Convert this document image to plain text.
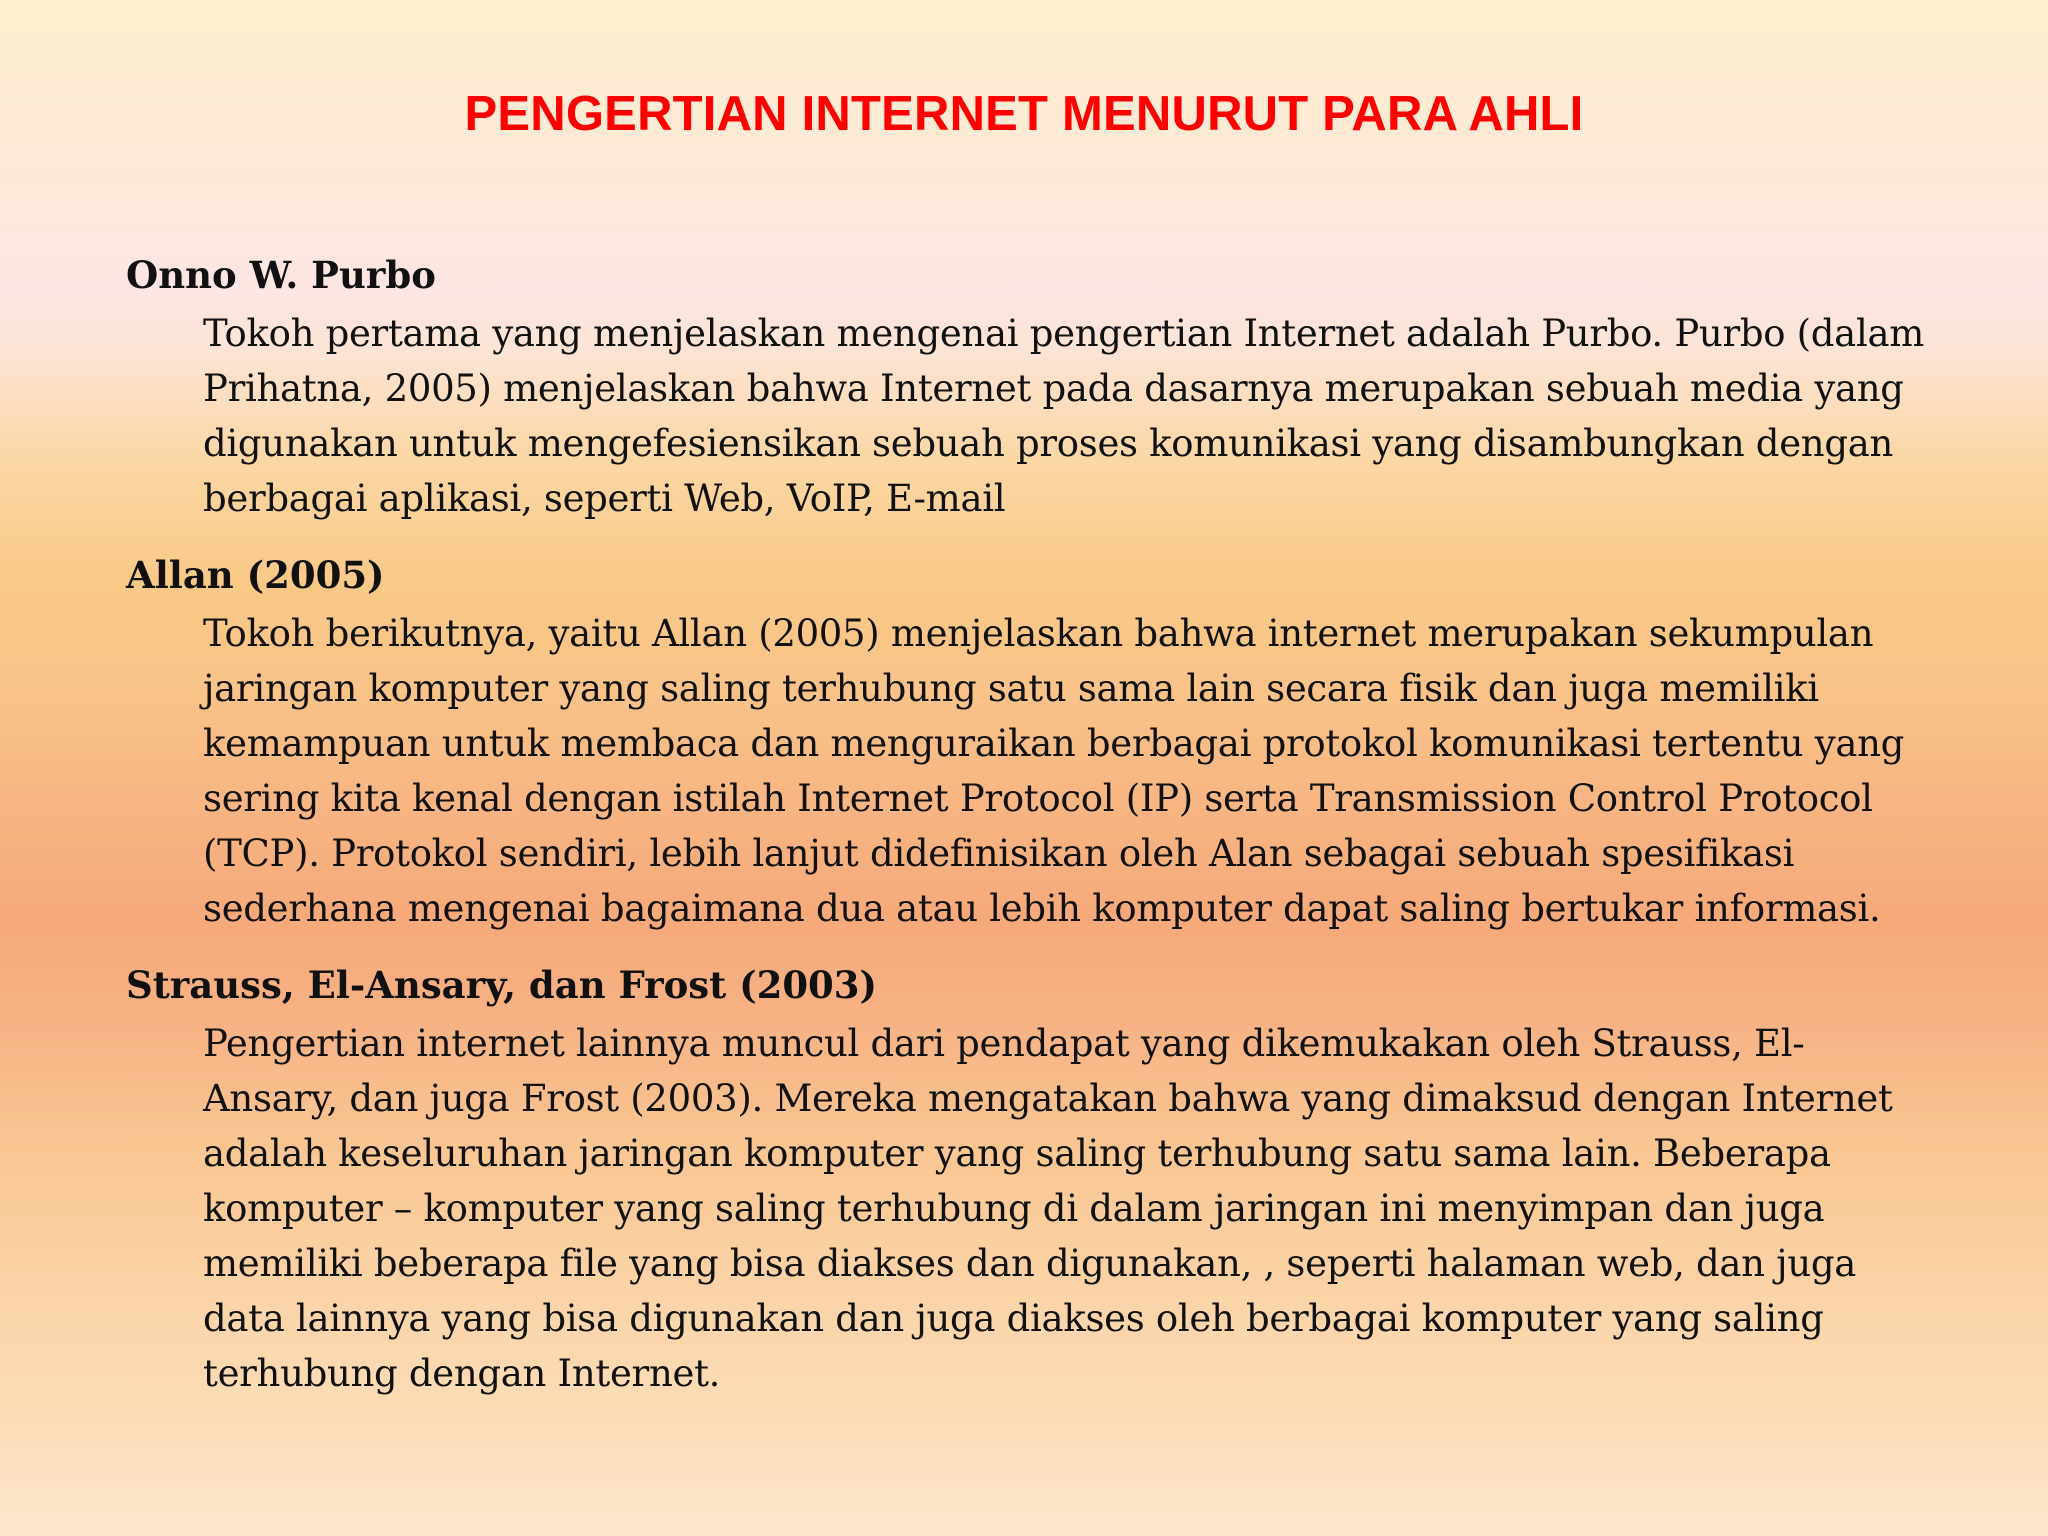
PENGERTIAN INTERNET MENURUT PARA AHLI

Onno W. Purbo

Tokoh pertama yang menjelaskan mengenai pengertian Internet adalah Purbo. Purbo (dalam Prihatna, 2005) menjelaskan bahwa Internet pada dasarnya merupakan sebuah media yang digunakan untuk mengefesiensikan sebuah proses komunikasi yang disambungkan dengan berbagai aplikasi, seperti Web, VoIP, E-mail

Allan (2005)

Tokoh berikutnya, yaitu Allan (2005) menjelaskan bahwa internet merupakan sekumpulan jaringan komputer yang saling terhubung satu sama lain secara fisik dan juga memiliki kemampuan untuk membaca dan menguraikan berbagai protokol komunikasi tertentu yang sering kita kenal dengan istilah Internet Protocol (IP) serta Transmission Control Protocol (TCP). Protokol sendiri, lebih lanjut didefinisikan oleh Alan sebagai sebuah spesifikasi sederhana mengenai bagaimana dua atau lebih komputer dapat saling bertukar informasi.

Strauss, El-Ansary, dan Frost (2003)

Pengertian internet lainnya muncul dari pendapat yang dikemukakan oleh Strauss, El-Ansary, dan juga Frost (2003). Mereka mengatakan bahwa yang dimaksud dengan Internet adalah keseluruhan jaringan komputer yang saling terhubung satu sama lain. Beberapa komputer – komputer yang saling terhubung di dalam jaringan ini menyimpan dan juga memiliki beberapa file yang bisa diakses dan digunakan, , seperti halaman web, dan juga data lainnya yang bisa digunakan dan juga diakses oleh berbagai komputer yang saling terhubung dengan Internet.
